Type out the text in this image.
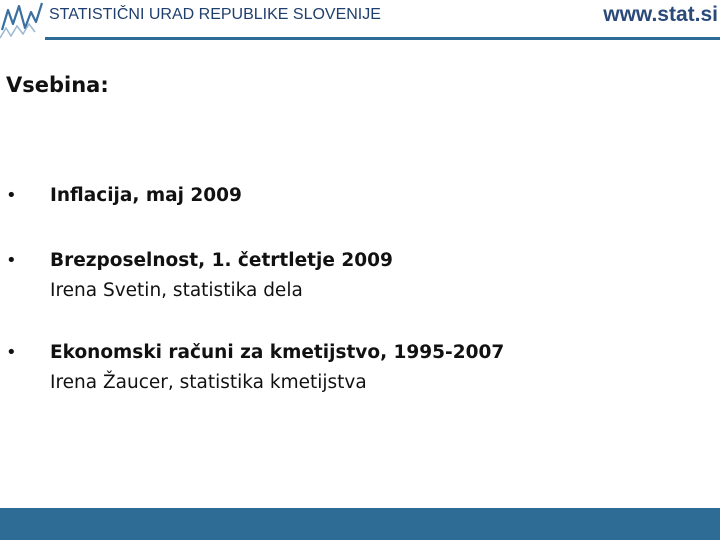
STATISTIČNI URAD REPUBLIKE SLOVENIJE	www.stat.si
Vsebina:
• Inflacija, maj 2009
• Brezposelnost, 1. četrtletje 2009
Irena Svetin, statistika dela
• Ekonomski računi za kmetijstvo, 1995-2007
Irena Žaucer, statistika kmetijstva
